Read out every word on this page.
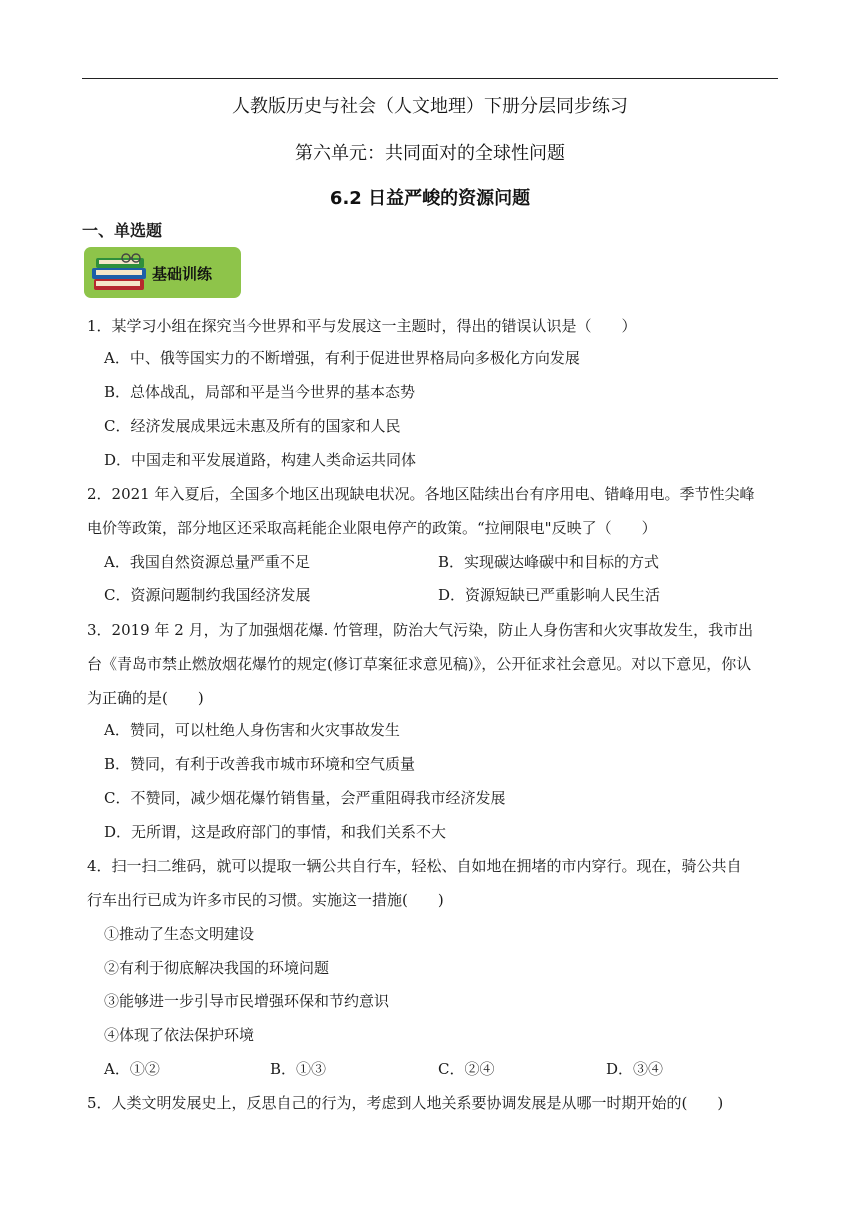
人教版历史与社会（人文地理）下册分层同步练习
第六单元：共同面对的全球性问题
6.2 日益严峻的资源问题
一、单选题
基础训练
1．某学习小组在探究当今世界和平与发展这一主题时，得出的错误认识是（　　）
A．中、俄等国实力的不断增强，有利于促进世界格局向多极化方向发展
B．总体战乱，局部和平是当今世界的基本态势
C．经济发展成果远未惠及所有的国家和人民
D．中国走和平发展道路，构建人类命运共同体
2．2021 年入夏后，全国多个地区出现缺电状况。各地区陆续出台有序用电、错峰用电。季节性尖峰
电价等政策，部分地区还采取高耗能企业限电停产的政策。“拉闸限电"反映了（　　）
A．我国自然资源总量严重不足	B．实现碳达峰碳中和目标的方式
C．资源问题制约我国经济发展	D．资源短缺已严重影响人民生活
3．2019 年 2 月，为了加强烟花爆. 竹管理，防治大气污染，防止人身伤害和火灾事故发生，我市出
台《青岛市禁止燃放烟花爆竹的规定(修订草案征求意见稿)》，公开征求社会意见。对以下意见，你认
为正确的是(　　)
A．赞同，可以杜绝人身伤害和火灾事故发生
B．赞同，有利于改善我市城市环境和空气质量
C．不赞同，减少烟花爆竹销售量，会严重阻碍我市经济发展
D．无所谓，这是政府部门的事情，和我们关系不大
4．扫一扫二维码，就可以提取一辆公共自行车，轻松、自如地在拥堵的市内穿行。现在，骑公共自
行车出行已成为许多市民的习惯。实施这一措施(　　)
①推动了生态文明建设
②有利于彻底解决我国的环境问题
③能够进一步引导市民增强环保和节约意识
④体现了依法保护环境
A．①②	B．①③	C．②④	D．③④
5．人类文明发展史上，反思自己的行为，考虑到人地关系要协调发展是从哪一时期开始的(　　)
